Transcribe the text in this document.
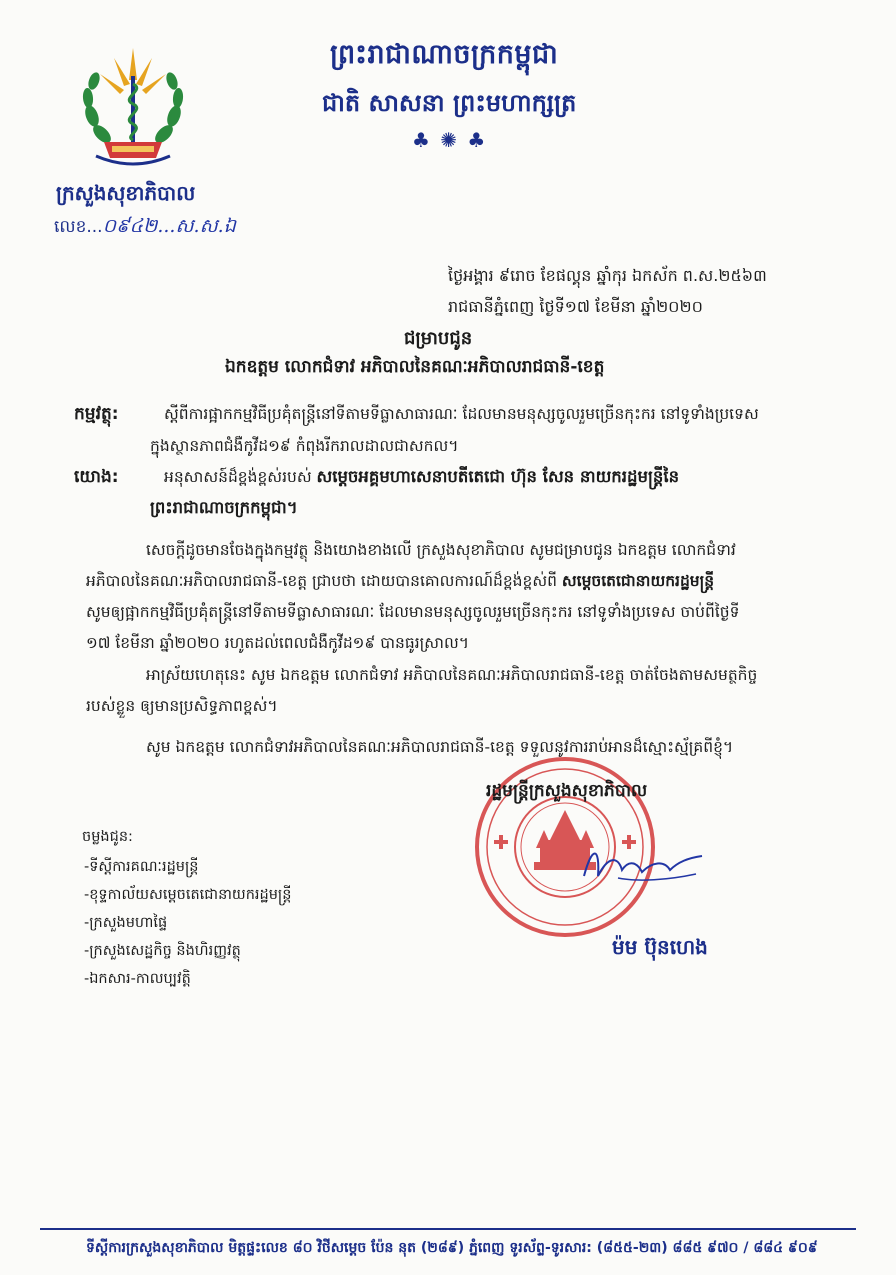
ព្រះរាជាណាចក្រកម្ពុជា
ជាតិ សាសនា ព្រះមហាក្សត្រ
♣ ✺ ♣
ក្រសួងសុខាភិបាល
លេខ...០៩៤២...ស.ស.ឯ
ថ្ងៃអង្គារ ៩រោច ខែផល្គុន ឆ្នាំកុរ ឯកស័ក ព.ស.២៥៦៣
រាជធានីភ្នំពេញ ថ្ងៃទី១៧ ខែមីនា ឆ្នាំ២០២០
ជម្រាបជូន
ឯកឧត្តម លោកជំទាវ អភិបាលនៃគណៈអភិបាលរាជធានី-ខេត្ត
កម្មវត្ថុ:	ស្តីពីការផ្អាកកម្មវិធីប្រគុំតន្ត្រីនៅទីតាមទីធ្លាសាធារណៈ ដែលមានមនុស្សចូលរួមច្រើនកុះករ នៅទូទាំងប្រទេស
ក្នុងស្ថានភាពជំងឺកូវីដ១៩ កំពុងរីករាលដាលជាសកល។
យោង:	អនុសាសន៍ដ៏ខ្ពង់ខ្ពស់របស់ សម្តេចអគ្គមហាសេនាបតីតេជោ ហ៊ុន សែន នាយករដ្ឋមន្ត្រីនៃ
ព្រះរាជាណាចក្រកម្ពុជា។
សេចក្តីដូចមានចែងក្នុងកម្មវត្ថុ និងយោងខាងលើ ក្រសួងសុខាភិបាល សូមជម្រាបជូន ឯកឧត្តម លោកជំទាវ
អភិបាលនៃគណៈអភិបាលរាជធានី-ខេត្ត ជ្រាបថា ដោយបានគោលការណ៍ដ៏ខ្ពង់ខ្ពស់ពី សម្តេចតេជោនាយករដ្ឋមន្ត្រី
សូមឲ្យផ្អាកកម្មវិធីប្រគុំតន្ត្រីនៅទីតាមទីធ្លាសាធារណៈ ដែលមានមនុស្សចូលរួមច្រើនកុះករ នៅទូទាំងប្រទេស ចាប់ពីថ្ងៃទី
១៧ ខែមីនា ឆ្នាំ២០២០ រហូតដល់ពេលជំងឺកូវីដ១៩ បានធូរស្រាល។
អាស្រ័យហេតុនេះ សូម ឯកឧត្តម លោកជំទាវ អភិបាលនៃគណៈអភិបាលរាជធានី-ខេត្ត ចាត់ចែងតាមសមត្ថកិច្ច
របស់ខ្លួន ឲ្យមានប្រសិទ្ធភាពខ្ពស់។
សូម ឯកឧត្តម លោកជំទាវអភិបាលនៃគណៈអភិបាលរាជធានី-ខេត្ត ទទួលនូវការរាប់អានដ៏ស្មោះស្ម័គ្រពីខ្ញុំ។
រដ្ឋមន្ត្រីក្រសួងសុខាភិបាល
ម៉ម ប៊ុនហេង
ចម្លងជូន:
-ទីស្តីការគណៈរដ្ឋមន្ត្រី
-ខុទ្ទកាល័យសម្តេចតេជោនាយករដ្ឋមន្ត្រី
-ក្រសួងមហាផ្ទៃ
-ក្រសួងសេដ្ឋកិច្ច និងហិរញ្ញវត្ថុ
-ឯកសារ-កាលប្បវត្តិ
ទីស្តីការក្រសួងសុខាភិបាល មិត្តផ្ទះលេខ ៨០ វិថីសម្តេច ប៉ែន នុត (២៨៩) ភ្នំពេញ ទូរស័ព្ទ-ទូរសារ: (៨៥៥-២៣) ៨៨៥ ៩៧០ / ៨៨៤ ៩០៩
